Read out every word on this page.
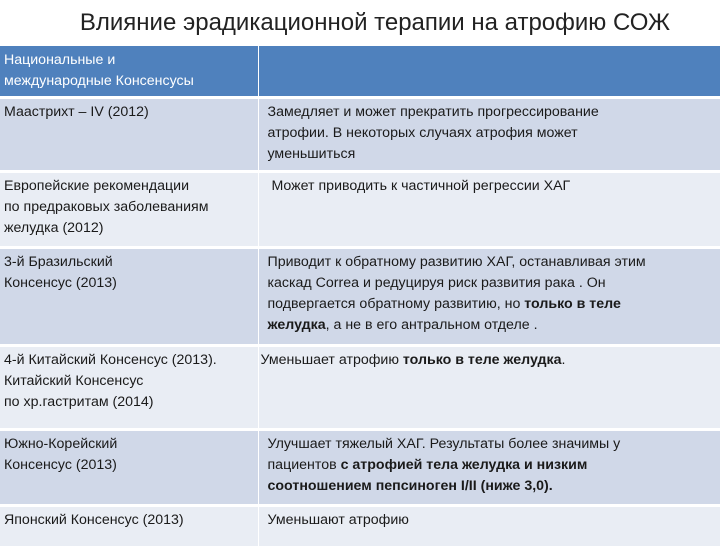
Влияние эрадикационной терапии на атрофию СОЖ
Национальные и
международные Консенсусы	

Маастрихт – IV (2012)	Замедляет и может прекратить прогрессирование
атрофии. В некоторых случаях атрофия может
уменьшиться

Европейские рекомендации
по предраковых заболеваниям
желудка (2012)	Может приводить к частичной регрессии ХАГ

3-й Бразильский
Консенсус (2013)	Приводит к обратному развитию ХАГ, останавливая этим
каскад Correa и редуцируя риск развития рака . Он
подвергается обратному развитию, но только в теле
желудка, а не в его антральном отделе .

4-й Китайский Консенсус (2013).
Китайский Консенсус
по хр.гастритам (2014)	Уменьшает атрофию только в теле желудка.

Южно-Корейский
Консенсус (2013)	Улучшает тяжелый ХАГ. Результаты более значимы у
пациентов с атрофией тела желудка и низким
соотношением пепсиноген I/II (ниже 3,0).

Японский Консенсус (2013)	Уменьшают атрофию
